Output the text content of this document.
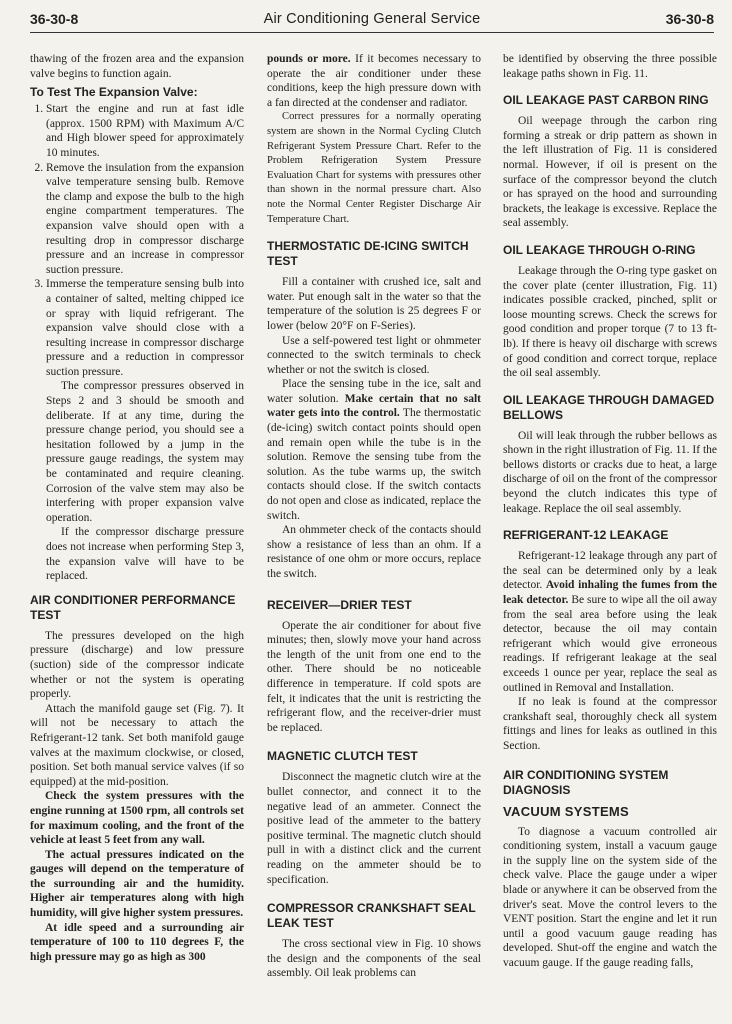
36-30-8	Air Conditioning General Service	36-30-8

thawing of the frozen area and the expansion valve begins to function again.

To Test The Expansion Valve:
1. Start the engine and run at fast idle (approx. 1500 RPM) with Maximum A/C and High blower speed for approximately 10 minutes.
2. Remove the insulation from the expansion valve temperature sensing bulb. Remove the clamp and expose the bulb to the high engine compartment temperatures. The expansion valve should open with a resulting drop in compressor discharge pressure and an increase in compressor suction pressure.
3. Immerse the temperature sensing bulb into a container of salted, melting chipped ice or spray with liquid refrigerant. The expansion valve should close with a resulting increase in compressor discharge pressure and a reduction in compressor suction pressure.

The compressor pressures observed in Steps 2 and 3 should be smooth and deliberate. If at any time, during the pressure change period, you should see a hesitation followed by a jump in the pressure gauge readings, the system may be contaminated and require cleaning. Corrosion of the valve stem may also be interfering with proper expansion valve operation.

If the compressor discharge pressure does not increase when performing Step 3, the expansion valve will have to be replaced.

AIR CONDITIONER PERFORMANCE TEST

The pressures developed on the high pressure (discharge) and low pressure (suction) side of the compressor indicate whether or not the system is operating properly.

Attach the manifold gauge set (Fig. 7). It will not be necessary to attach the Refrigerant-12 tank. Set both manifold gauge valves at the maximum clockwise, or closed, position. Set both manual service valves (if so equipped) at the mid-position.

Check the system pressures with the engine running at 1500 rpm, all controls set for maximum cooling, and the front of the vehicle at least 5 feet from any wall.

The actual pressures indicated on the gauges will depend on the temperature of the surrounding air and the humidity. Higher air temperatures along with high humidity, will give higher system pressures.

At idle speed and a surrounding air temperature of 100 to 110 degrees F, the high pressure may go as high as 300

pounds or more. If it becomes necessary to operate the air conditioner under these conditions, keep the high pressure down with a fan directed at the condenser and radiator.

Correct pressures for a normally operating system are shown in the Normal Cycling Clutch Refrigerant System Pressure Chart. Refer to the Problem Refrigeration System Pressure Evaluation Chart for systems with pressures other than shown in the normal pressure chart. Also note the Normal Center Register Discharge Air Temperature Chart.

THERMOSTATIC DE-ICING SWITCH TEST

Fill a container with crushed ice, salt and water. Put enough salt in the water so that the temperature of the solution is 25 degrees F or lower (below 20°F on F-Series).

Use a self-powered test light or ohmmeter connected to the switch terminals to check whether or not the switch is closed.

Place the sensing tube in the ice, salt and water solution. Make certain that no salt water gets into the control. The thermostatic (de-icing) switch contact points should open and remain open while the tube is in the solution. Remove the sensing tube from the solution. As the tube warms up, the switch contacts should close. If the switch contacts do not open and close as indicated, replace the switch.

An ohmmeter check of the contacts should show a resistance of less than an ohm. If a resistance of one ohm or more occurs, replace the switch.

RECEIVER—DRIER TEST

Operate the air conditioner for about five minutes; then, slowly move your hand across the length of the unit from one end to the other. There should be no noticeable difference in temperature. If cold spots are felt, it indicates that the unit is restricting the refrigerant flow, and the receiver-drier must be replaced.

MAGNETIC CLUTCH TEST

Disconnect the magnetic clutch wire at the bullet connector, and connect it to the negative lead of an ammeter. Connect the positive lead of the ammeter to the battery positive terminal. The magnetic clutch should pull in with a distinct click and the current reading on the ammeter should be to specification.

COMPRESSOR CRANKSHAFT SEAL LEAK TEST

The cross sectional view in Fig. 10 shows the design and the components of the seal assembly. Oil leak problems can

be identified by observing the three possible leakage paths shown in Fig. 11.

OIL LEAKAGE PAST CARBON RING

Oil weepage through the carbon ring forming a streak or drip pattern as shown in the left illustration of Fig. 11 is considered normal. However, if oil is present on the surface of the compressor beyond the clutch or has sprayed on the hood and surrounding brackets, the leakage is excessive. Replace the seal assembly.

OIL LEAKAGE THROUGH O-RING

Leakage through the O-ring type gasket on the cover plate (center illustration, Fig. 11) indicates possible cracked, pinched, split or loose mounting screws. Check the screws for good condition and proper torque (7 to 13 ft-lb). If there is heavy oil discharge with screws of good condition and correct torque, replace the oil seal assembly.

OIL LEAKAGE THROUGH DAMAGED BELLOWS

Oil will leak through the rubber bellows as shown in the right illustration of Fig. 11. If the bellows distorts or cracks due to heat, a large discharge of oil on the front of the compressor beyond the clutch indicates this type of leakage. Replace the oil seal assembly.

REFRIGERANT-12 LEAKAGE

Refrigerant-12 leakage through any part of the seal can be determined only by a leak detector. Avoid inhaling the fumes from the leak detector. Be sure to wipe all the oil away from the seal area before using the leak detector, because the oil may contain refrigerant which would give erroneous readings. If refrigerant leakage at the seal exceeds 1 ounce per year, replace the seal as outlined in Removal and Installation.

If no leak is found at the compressor crankshaft seal, thoroughly check all system fittings and lines for leaks as outlined in this Section.

AIR CONDITIONING SYSTEM DIAGNOSIS
VACUUM SYSTEMS

To diagnose a vacuum controlled air conditioning system, install a vacuum gauge in the supply line on the system side of the check valve. Place the gauge under a wiper blade or anywhere it can be observed from the driver's seat. Move the control levers to the VENT position. Start the engine and let it run until a good vacuum gauge reading has developed. Shut-off the engine and watch the vacuum gauge. If the gauge reading falls,
